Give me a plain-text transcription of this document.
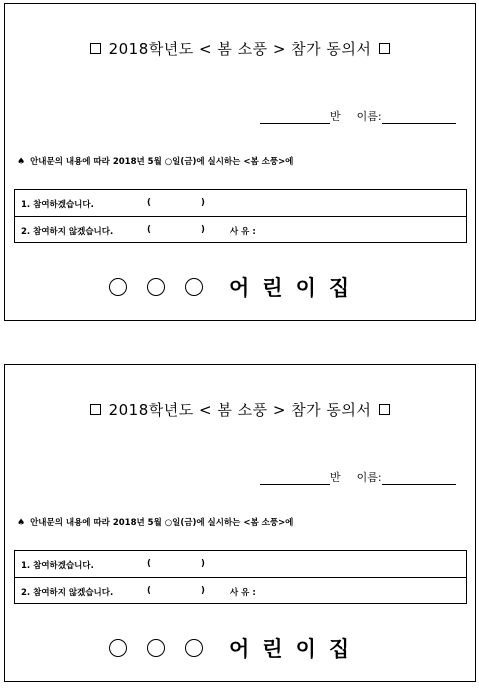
2018학년도 < 봄 소풍 > 참가 동의서
반 이름:
♠ 안내문의 내용에 따라 2018년 5월 ○일(금)에 실시하는 <봄 소풍>에
1. 참여하겠습니다.	(	)
2. 참여하지 않겠습니다.	(	)	사 유 :
어린이집
2018학년도 < 봄 소풍 > 참가 동의서
반 이름:
♠ 안내문의 내용에 따라 2018년 5월 ○일(금)에 실시하는 <봄 소풍>에
1. 참여하겠습니다.	(	)
2. 참여하지 않겠습니다.	(	)	사 유 :
어린이집
